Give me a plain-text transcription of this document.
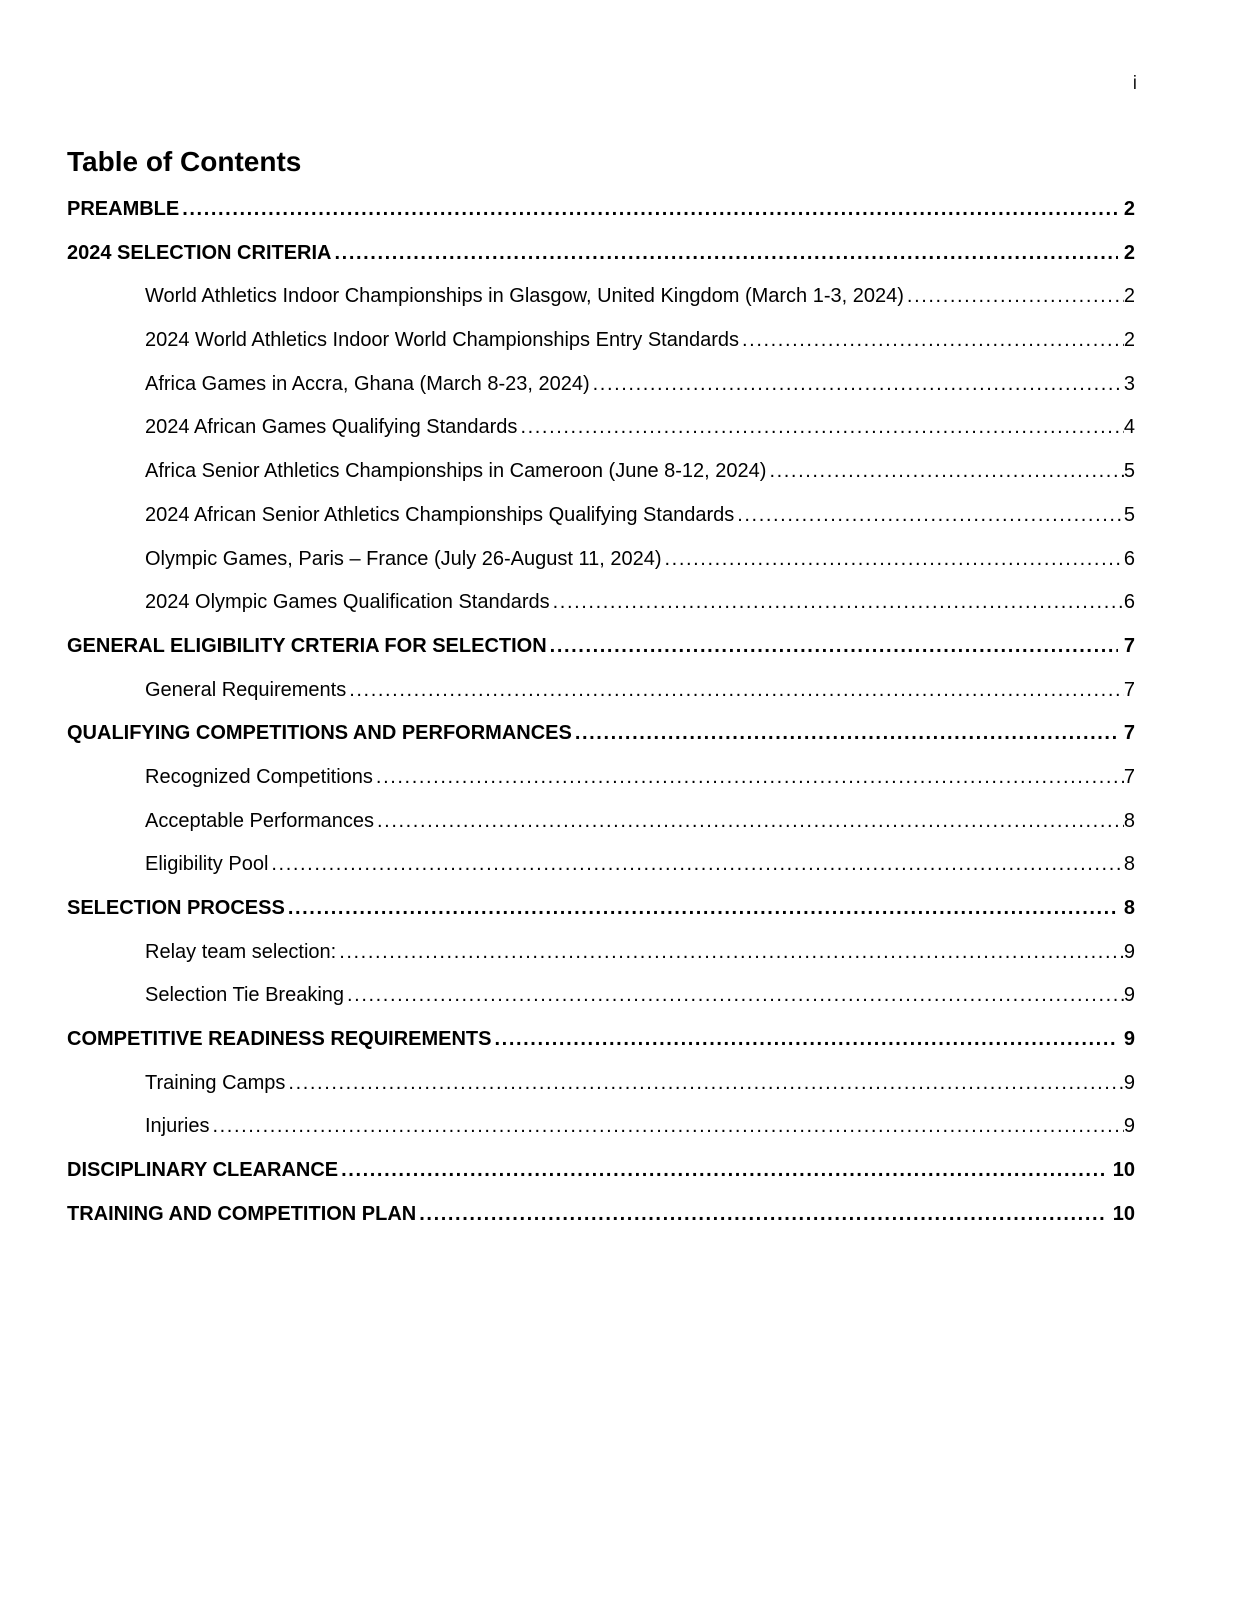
i
Table of Contents
PREAMBLE .....	2
2024 SELECTION CRITERIA .....	2
World Athletics Indoor Championships in Glasgow, United Kingdom (March 1-3, 2024) .....	2
2024 World Athletics Indoor World Championships Entry Standards .....	2
Africa Games in Accra, Ghana (March 8-23, 2024) .....	3
2024 African Games Qualifying Standards .....	4
Africa Senior Athletics Championships in Cameroon (June 8-12, 2024) .....	5
2024 African Senior Athletics Championships Qualifying Standards .....	5
Olympic Games, Paris – France (July 26-August 11, 2024) .....	6
2024 Olympic Games Qualification Standards .....	6
GENERAL ELIGIBILITY CRTERIA FOR SELECTION .....	7
General Requirements .....	7
QUALIFYING COMPETITIONS AND PERFORMANCES .....	7
Recognized Competitions .....	7
Acceptable Performances .....	8
Eligibility Pool .....	8
SELECTION PROCESS .....	8
Relay team selection: .....	9
Selection Tie Breaking .....	9
COMPETITIVE READINESS REQUIREMENTS .....	9
Training Camps .....	9
Injuries .....	9
DISCIPLINARY CLEARANCE .....	10
TRAINING AND COMPETITION PLAN .....	10
